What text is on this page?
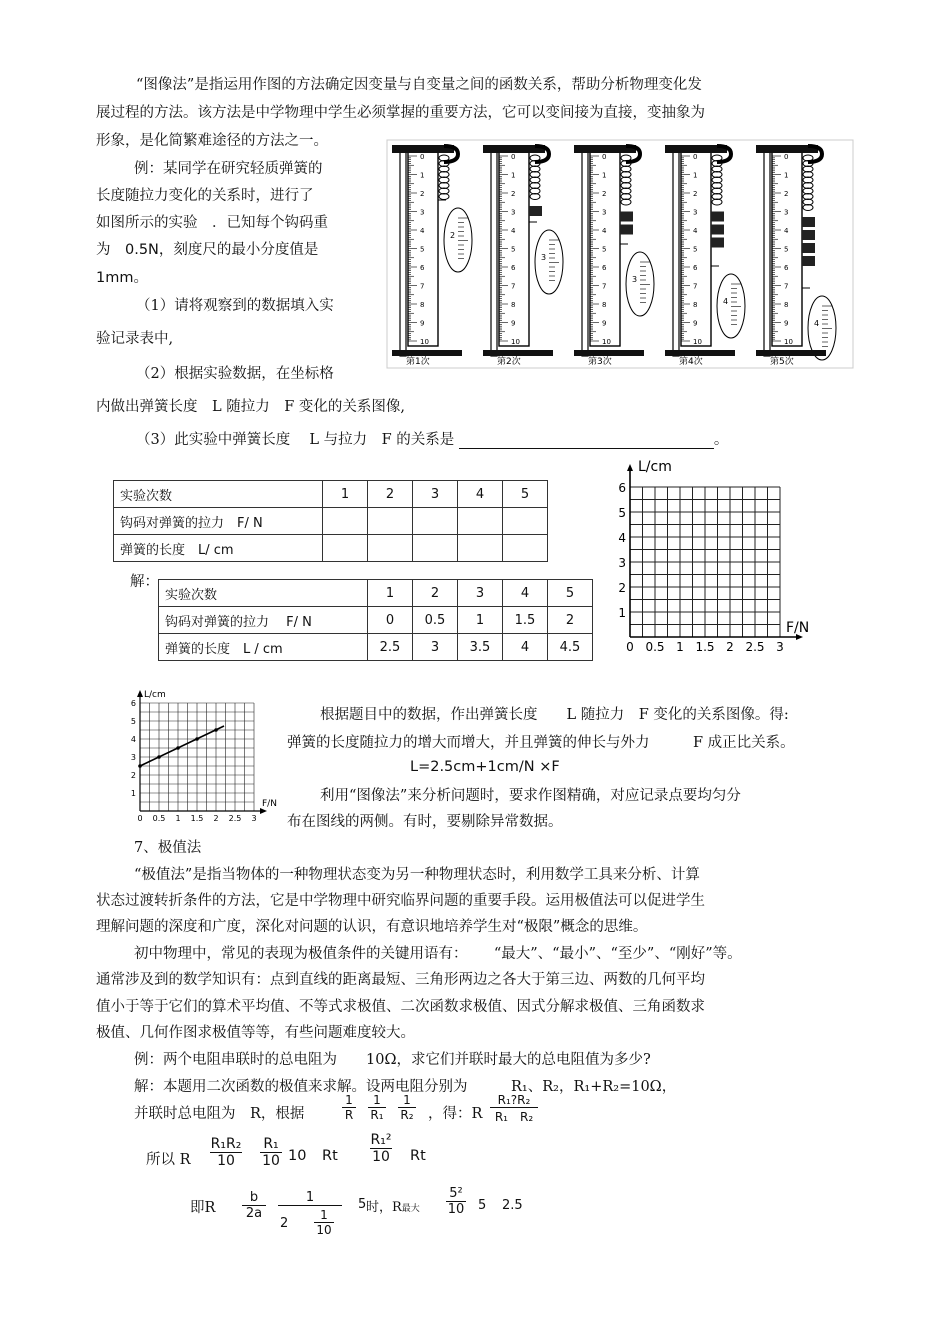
“图像法”是指运用作图的方法确定因变量与自变量之间的函数关系，帮助分析物理变化发
展过程的方法。该方法是中学物理中学生必须掌握的重要方法，它可以变间接为直接，变抽象为
形象，是化简繁难途径的方法之一。
例：某同学在研究轻质弹簧的
长度随拉力变化的关系时，进行了
如图所示的实验　．已知每个钩码重
为　0.5N，刻度尺的最小分度值是
1mm。
（1）请将观察到的数据填入实
验记录表中,
（2）根据实验数据，在坐标格
内做出弹簧长度　L 随拉力　F 变化的关系图像,
（3）此实验中弹簧长度　 L 与拉力　F 的关系是	。
0
1
2
3
4
5
6
7
8
9
10
2
第1次
0
1
2
3
4
5
6
7
8
9
10
3
第2次
0
1
2
3
4
5
6
7
8
9
10
3
第3次
0
1
2
3
4
5
6
7
8
9
10
4
第4次
0
1
2
3
4
5
6
7
8
9
10
4
第5次
实验次数	1	2	3	4	5
钩码对弹簧的拉力　F/ N					
弹簧的长度　L/ cm					
L/cm
F/N
0 0.5 1 1.5 2 2.5 3
1
2
3
4
5
6
解：
实验次数	1	2	3	4	5
钩码对弹簧的拉力　 F/ N	0	0.5	1	1.5	2
弹簧的长度　L / cm	2.5	3	3.5	4	4.5
L/cm
F/N
0 0.5 1 1.5 2 2.5 3
1
2
3
4
5
6
根据题目中的数据，作出弹簧长度　　L 随拉力　F 变化的关系图像。得:
弹簧的长度随拉力的增大而增大，并且弹簧的伸长与外力　　　F 成正比关系。
L=2.5cm+1cm/N ×F
利用“图像法”来分析问题时，要求作图精确，对应记录点要均匀分
布在图线的两侧。有时，要剔除异常数据。
7、极值法
“极值法”是指当物体的一种物理状态变为另一种物理状态时，利用数学工具来分析、计算
状态过渡转折条件的方法，它是中学物理中研究临界问题的重要手段。运用极值法可以促进学生
理解问题的深度和广度，深化对问题的认识，有意识地培养学生对“极限”概念的思维。
初中物理中，常见的表现为极值条件的关键用语有：　　 “最大”、“最小”、“至少”、“刚好”等。
通常涉及到的数学知识有：点到直线的距离最短、三角形两边之各大于第三边、两数的几何平均
值小于等于它们的算术平均值、不等式求极值、二次函数求极值、因式分解求极值、三角函数求
极值、几何作图求极值等等，有些问题难度较大。
例：两个电阻串联时的总电阻为　　10Ω，求它们并联时最大的总电阻值为多少?
解：本题用二次函数的极值来求解。设两电阻分别为　　　R₁、R₂，R₁+R₂=10Ω，
并联时总电阻为　R，根据	$\frac{1}{R} \frac{1}{\text{R₁}} \frac{1}{\text{R₂}}$ ，得：R $\frac{\text{R₁?R₂}}{\text{R₁　R₂}}$
所以 R $\frac{\text{R₁R₂}}{10} \frac{\text{R₁}}{10} 10$ Rt $\frac{\text{R₁²}}{10}$ Rt
即R $\frac{b}{2a}$	1
$2 \frac{1}{10}$
5 时，R最大 $\frac{\text{5²}}{10} 5$ 2.5
